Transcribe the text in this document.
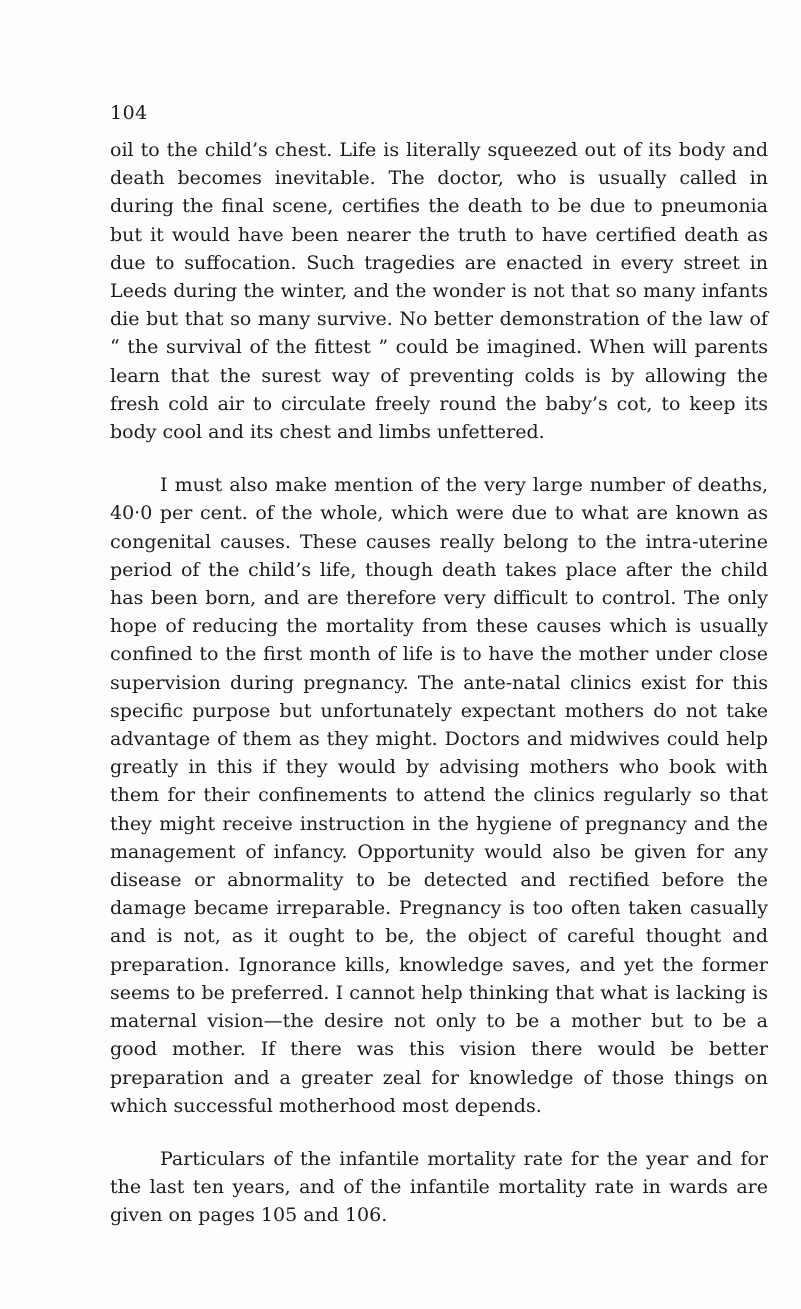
104

oil to the child’s chest. Life is literally squeezed out of its body and death becomes inevitable. The doctor, who is usually called in during the final scene, certifies the death to be due to pneumonia but it would have been nearer the truth to have certified death as due to suffocation. Such tragedies are enacted in every street in Leeds during the winter, and the wonder is not that so many infants die but that so many survive. No better demonstration of the law of “ the survival of the fittest ” could be imagined. When will parents learn that the surest way of preventing colds is by allowing the fresh cold air to circulate freely round the baby’s cot, to keep its body cool and its chest and limbs unfettered.

I must also make mention of the very large number of deaths, 40·0 per cent. of the whole, which were due to what are known as congenital causes. These causes really belong to the intra-uterine period of the child’s life, though death takes place after the child has been born, and are therefore very difficult to control. The only hope of reducing the mortality from these causes which is usually confined to the first month of life is to have the mother under close supervision during pregnancy. The ante-natal clinics exist for this specific purpose but unfortunately expectant mothers do not take advantage of them as they might. Doctors and midwives could help greatly in this if they would by advising mothers who book with them for their confinements to attend the clinics regularly so that they might receive instruction in the hygiene of pregnancy and the management of infancy. Opportunity would also be given for any disease or abnormality to be detected and rectified before the damage became irreparable. Pregnancy is too often taken casually and is not, as it ought to be, the object of careful thought and preparation. Ignorance kills, knowledge saves, and yet the former seems to be preferred. I cannot help thinking that what is lacking is maternal vision—the desire not only to be a mother but to be a good mother. If there was this vision there would be better preparation and a greater zeal for knowledge of those things on which successful motherhood most depends.

Particulars of the infantile mortality rate for the year and for the last ten years, and of the infantile mortality rate in wards are given on pages 105 and 106.
